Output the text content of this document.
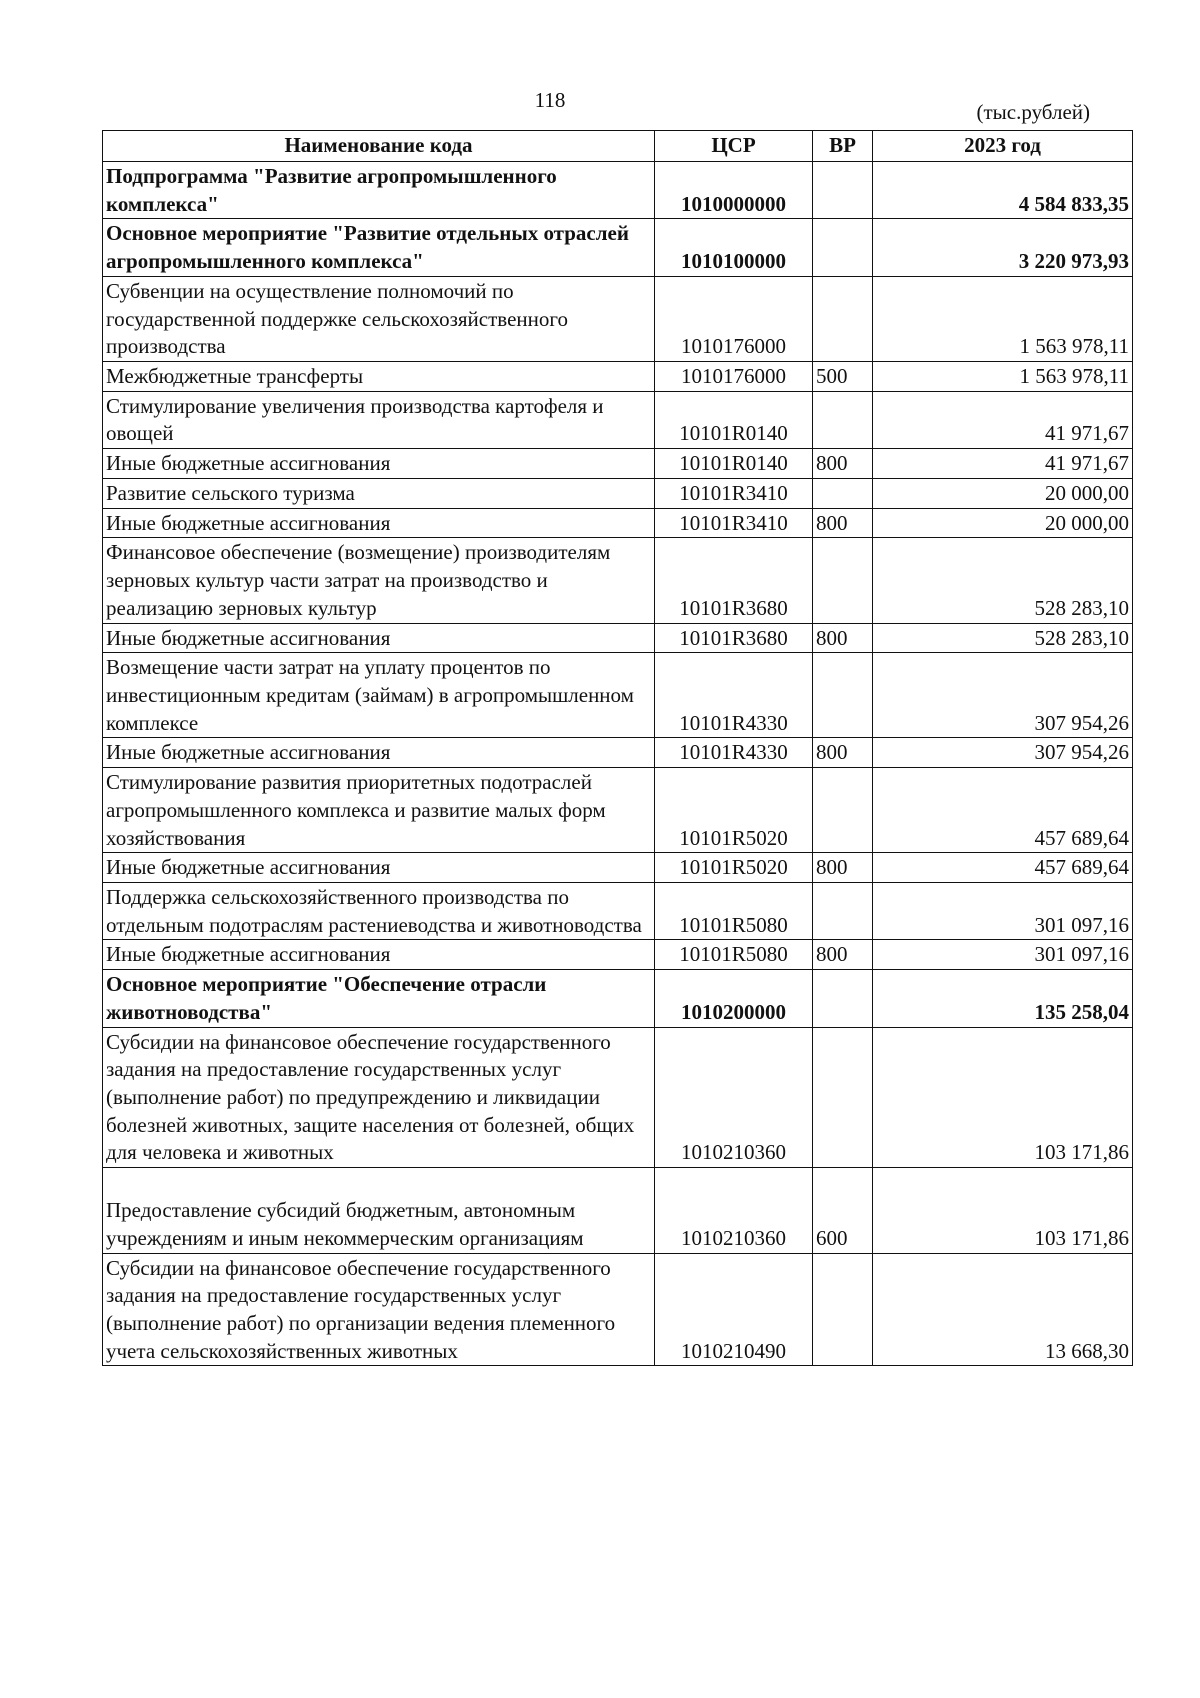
118	(тыс.рублей)
Наименование кода	ЦСР	ВР	2023 год
Подпрограмма "Развитие агропромышленного комплекса"	1010000000		4 584 833,35
Основное мероприятие "Развитие отдельных отраслей агропромышленного комплекса"	1010100000		3 220 973,93
Субвенции на осуществление полномочий по государственной поддержке сельскохозяйственного производства	1010176000		1 563 978,11
Межбюджетные трансферты	1010176000	500	1 563 978,11
Стимулирование увеличения производства картофеля и овощей	10101R0140		41 971,67
Иные бюджетные ассигнования	10101R0140	800	41 971,67
Развитие сельского туризма	10101R3410		20 000,00
Иные бюджетные ассигнования	10101R3410	800	20 000,00
Финансовое обеспечение (возмещение) производителям зерновых культур части затрат на производство и реализацию зерновых культур	10101R3680		528 283,10
Иные бюджетные ассигнования	10101R3680	800	528 283,10
Возмещение части затрат на уплату процентов по инвестиционным кредитам (займам) в агропромышленном комплексе	10101R4330		307 954,26
Иные бюджетные ассигнования	10101R4330	800	307 954,26
Стимулирование развития приоритетных подотраслей агропромышленного комплекса и развитие малых форм хозяйствования	10101R5020		457 689,64
Иные бюджетные ассигнования	10101R5020	800	457 689,64
Поддержка сельскохозяйственного производства по отдельным подотраслям растениеводства и животноводства	10101R5080		301 097,16
Иные бюджетные ассигнования	10101R5080	800	301 097,16
Основное мероприятие "Обеспечение отрасли животноводства"	1010200000		135 258,04
Субсидии на финансовое обеспечение государственного задания на предоставление государственных услуг (выполнение работ) по предупреждению и ликвидации болезней животных, защите населения от болезней, общих для человека и животных	1010210360		103 171,86

Предоставление субсидий бюджетным, автономным учреждениям и иным некоммерческим организациям	1010210360	600	103 171,86
Субсидии на финансовое обеспечение государственного задания на предоставление государственных услуг (выполнение работ) по организации ведения племенного учета сельскохозяйственных животных	1010210490		13 668,30
